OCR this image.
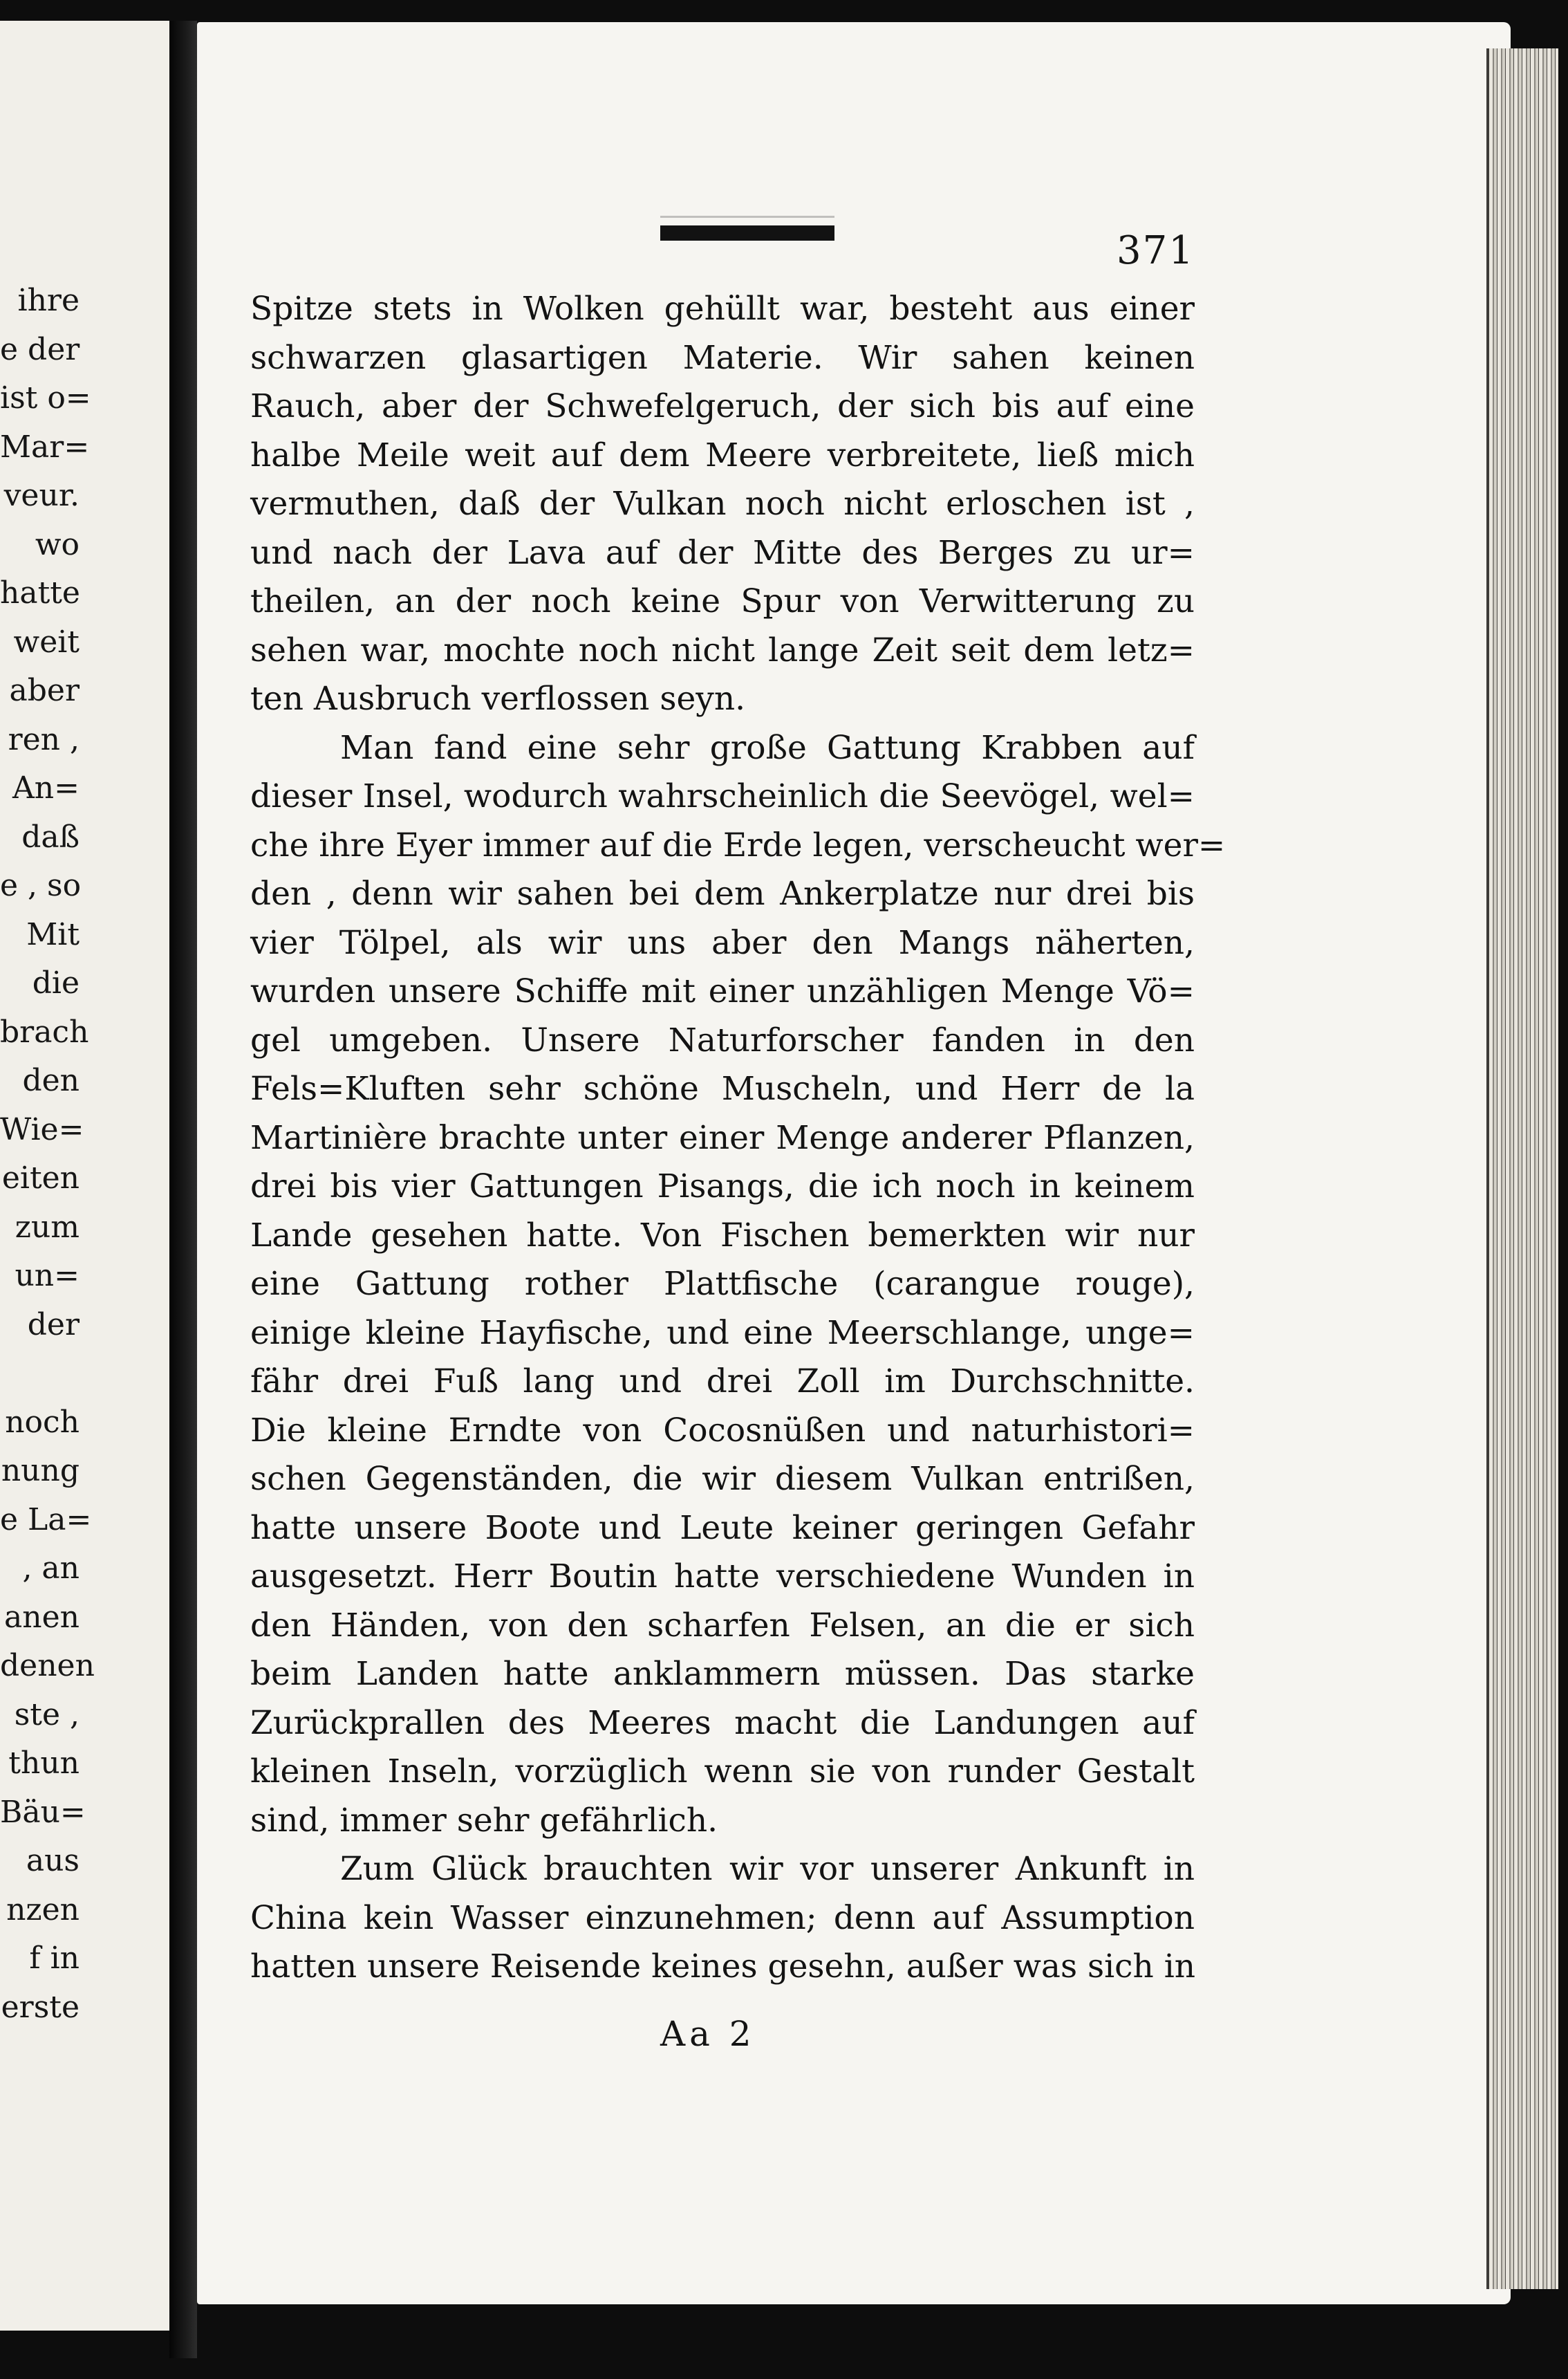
ihre
e der
ist o=
Mar=
veur.
wo
hatte
weit
aber
ren ,
An=
daß
e , so
Mit
die
brach
den
Wie=
eiten
zum
un=
der
noch
nung
e La=
, an
anen
denen
ste ,
thun
Bäu=
aus
nzen
f in
erste
371
Spitze stets in Wolken gehüllt war, besteht aus einer
schwarzen glasartigen Materie. Wir sahen keinen
Rauch, aber der Schwefelgeruch, der sich bis auf eine
halbe Meile weit auf dem Meere verbreitete, ließ mich
vermuthen, daß der Vulkan noch nicht erloschen ist ,
und nach der Lava auf der Mitte des Berges zu ur=
theilen, an der noch keine Spur von Verwitterung zu
sehen war, mochte noch nicht lange Zeit seit dem letz=
ten Ausbruch verflossen seyn.
Man fand eine sehr große Gattung Krabben auf
dieser Insel, wodurch wahrscheinlich die Seevögel, wel=
che ihre Eyer immer auf die Erde legen, verscheucht wer=
den , denn wir sahen bei dem Ankerplatze nur drei bis
vier Tölpel, als wir uns aber den Mangs näherten,
wurden unsere Schiffe mit einer unzähligen Menge Vö=
gel umgeben. Unsere Naturforscher fanden in den
Fels=Kluften sehr schöne Muscheln, und Herr de la
Martinière brachte unter einer Menge anderer Pflanzen,
drei bis vier Gattungen Pisangs, die ich noch in keinem
Lande gesehen hatte. Von Fischen bemerkten wir nur
eine Gattung rother Plattfische (carangue rouge),
einige kleine Hayfische, und eine Meerschlange, unge=
fähr drei Fuß lang und drei Zoll im Durchschnitte.
Die kleine Erndte von Cocosnüßen und naturhistori=
schen Gegenständen, die wir diesem Vulkan entrißen,
hatte unsere Boote und Leute keiner geringen Gefahr
ausgesetzt. Herr Boutin hatte verschiedene Wunden in
den Händen, von den scharfen Felsen, an die er sich
beim Landen hatte anklammern müssen. Das starke
Zurückprallen des Meeres macht die Landungen auf
kleinen Inseln, vorzüglich wenn sie von runder Gestalt
sind, immer sehr gefährlich.
Zum Glück brauchten wir vor unserer Ankunft in
China kein Wasser einzunehmen; denn auf Assumption
hatten unsere Reisende keines gesehn, außer was sich in
Aa 2
